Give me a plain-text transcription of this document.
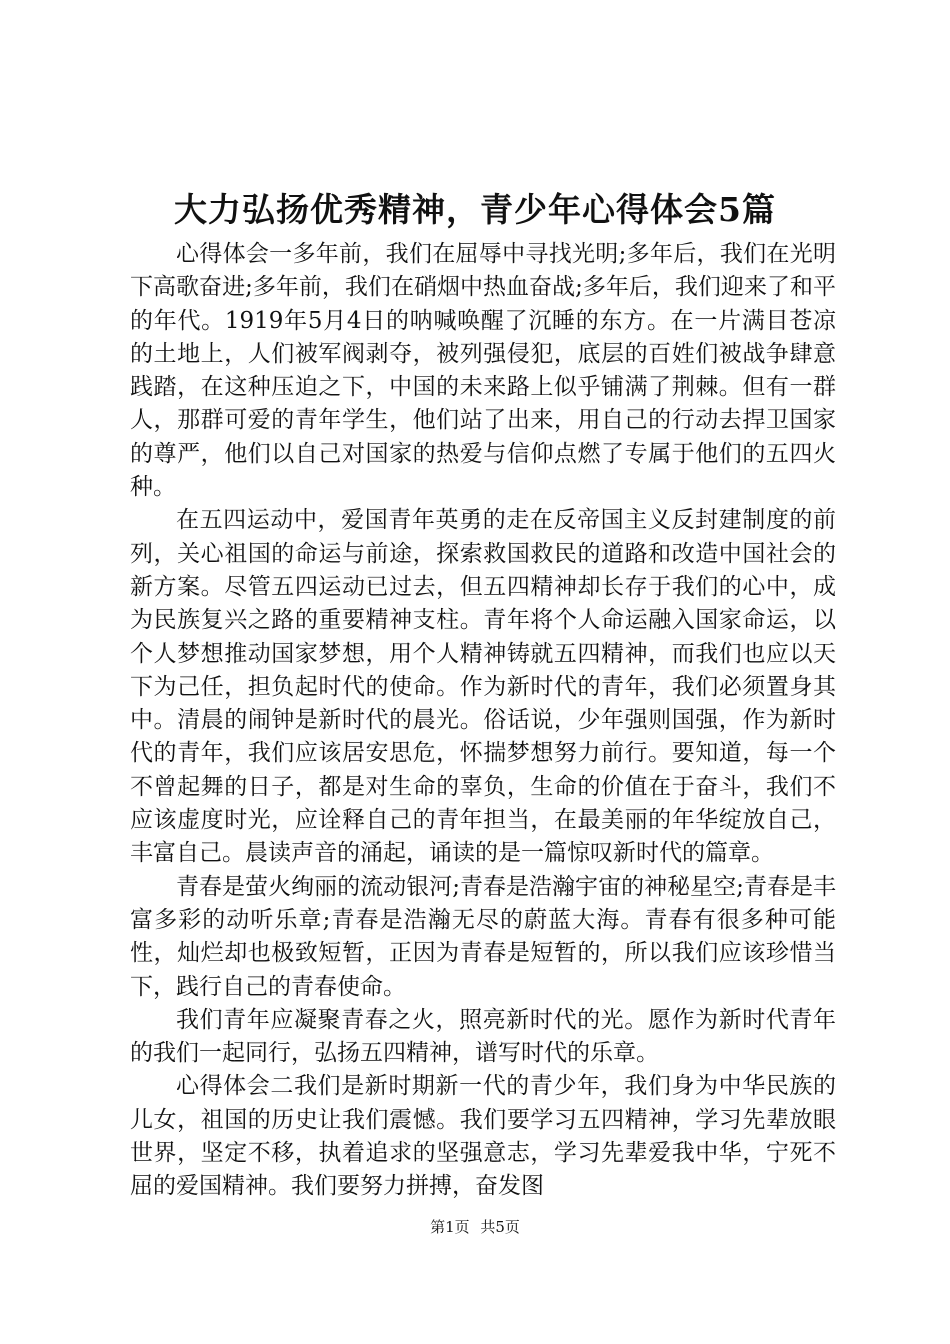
大力弘扬优秀精神，青少年心得体会5篇

心得体会一多年前，我们在屈辱中寻找光明;多年后，我们在光明下高歌奋进;多年前，我们在硝烟中热血奋战;多年后，我们迎来了和平的年代。1919年5月4日的呐喊唤醒了沉睡的东方。在一片满目苍凉的土地上，人们被军阀剥夺，被列强侵犯，底层的百姓们被战争肆意践踏，在这种压迫之下，中国的未来路上似乎铺满了荆棘。但有一群人，那群可爱的青年学生，他们站了出来，用自己的行动去捍卫国家的尊严，他们以自己对国家的热爱与信仰点燃了专属于他们的五四火种。

在五四运动中，爱国青年英勇的走在反帝国主义反封建制度的前列，关心祖国的命运与前途，探索救国救民的道路和改造中国社会的新方案。尽管五四运动已过去，但五四精神却长存于我们的心中，成为民族复兴之路的重要精神支柱。青年将个人命运融入国家命运，以个人梦想推动国家梦想，用个人精神铸就五四精神，而我们也应以天下为己任，担负起时代的使命。作为新时代的青年，我们必须置身其中。清晨的闹钟是新时代的晨光。俗话说，少年强则国强，作为新时代的青年，我们应该居安思危，怀揣梦想努力前行。要知道，每一个不曾起舞的日子，都是对生命的辜负，生命的价值在于奋斗，我们不应该虚度时光，应诠释自己的青年担当，在最美丽的年华绽放自己，丰富自己。晨读声音的涌起，诵读的是一篇惊叹新时代的篇章。

青春是萤火绚丽的流动银河;青春是浩瀚宇宙的神秘星空;青春是丰富多彩的动听乐章;青春是浩瀚无尽的蔚蓝大海。青春有很多种可能性，灿烂却也极致短暂，正因为青春是短暂的，所以我们应该珍惜当下，践行自己的青春使命。

我们青年应凝聚青春之火，照亮新时代的光。愿作为新时代青年的我们一起同行，弘扬五四精神，谱写时代的乐章。

心得体会二我们是新时期新一代的青少年，我们身为中华民族的儿女，祖国的历史让我们震憾。我们要学习五四精神，学习先辈放眼世界，坚定不移，执着追求的坚强意志，学习先辈爱我中华，宁死不屈的爱国精神。我们要努力拼搏，奋发图

第1页 共5页
